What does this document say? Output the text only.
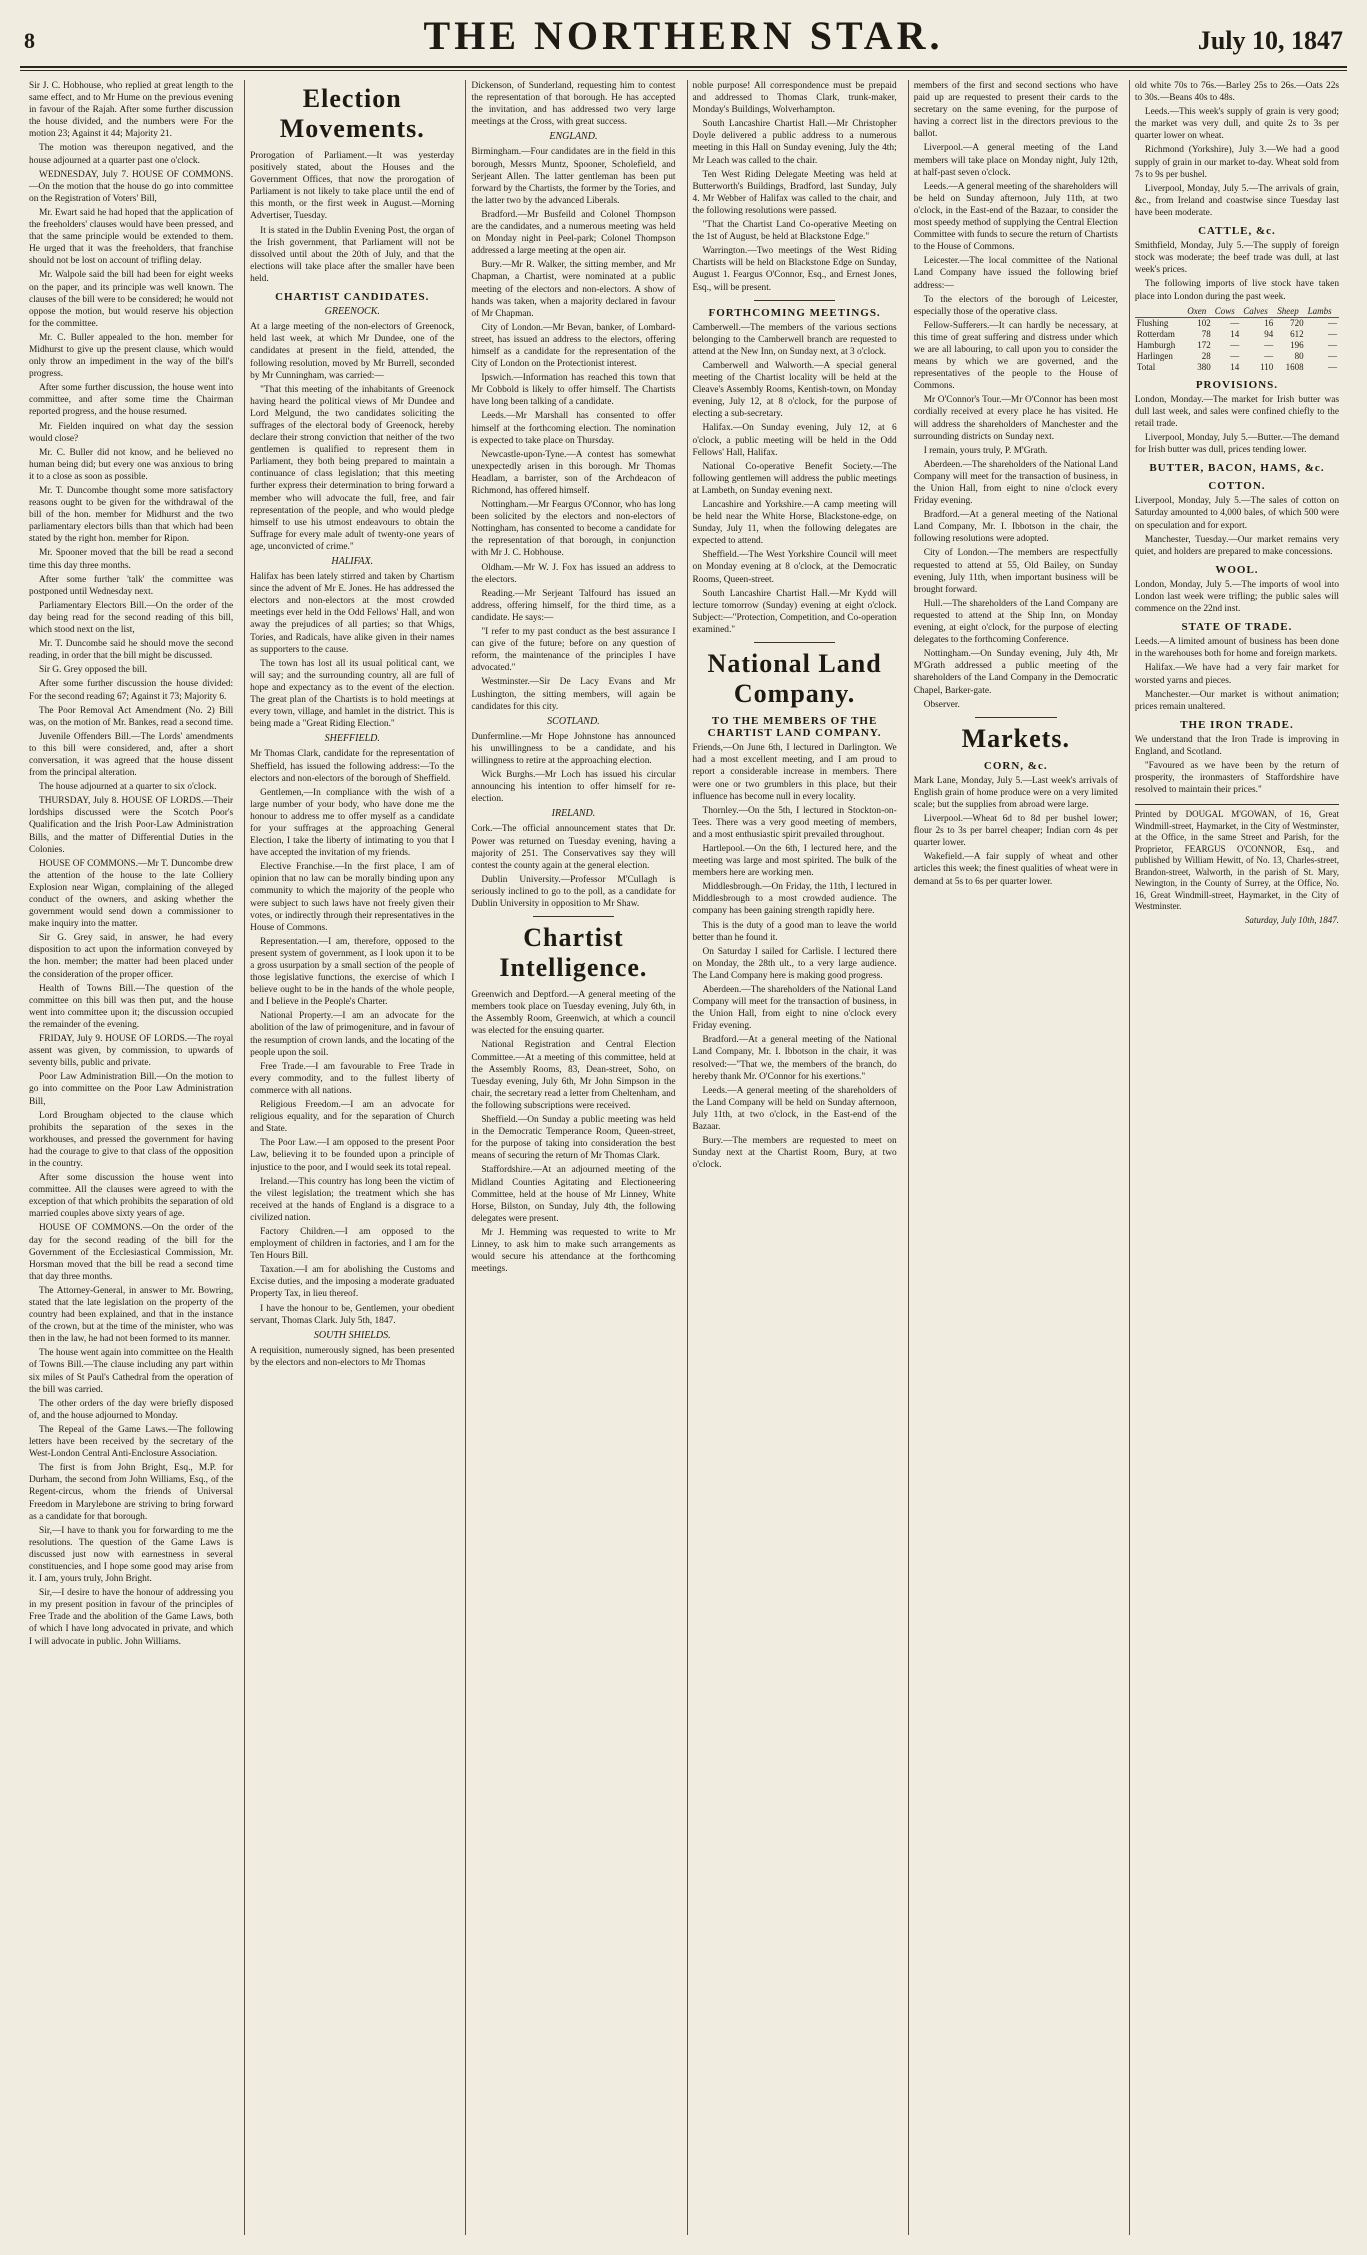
8	THE NORTHERN STAR.	July 10, 1847

Sir J. C. Hobhouse, who replied at great length to the same effect, and to Mr Hume on the previous evening in favour of the Rajah. After some further discussion the house divided, and the numbers were For the motion 23; Against it 44; Majority 21.

The motion was thereupon negatived, and the house adjourned at a quarter past one o'clock.

WEDNESDAY, July 7. HOUSE OF COMMONS.—On the motion that the house do go into committee on the Registration of Voters' Bill,

Mr. Ewart said he had hoped that the application of the freeholders' clauses would have been pressed, and that the same principle would be extended to them. He urged that it was the freeholders, that franchise should not be lost on account of trifling delay.

Mr. Walpole said the bill had been for eight weeks on the paper, and its principle was well known. The clauses of the bill were to be considered; he would not oppose the motion, but would reserve his objection for the committee.

Mr. C. Buller appealed to the hon. member for Midhurst to give up the present clause, which would only throw an impediment in the way of the bill's progress.

After some further discussion, the house went into committee, and after some time the Chairman reported progress, and the house resumed.

Mr. Fielden inquired on what day the session would close?

Mr. C. Buller did not know, and he believed no human being did; but every one was anxious to bring it to a close as soon as possible.

Mr. T. Duncombe thought some more satisfactory reasons ought to be given for the withdrawal of the bill of the hon. member for Midhurst and the two parliamentary electors bills than that which had been stated by the right hon. member for Ripon.

Mr. Spooner moved that the bill be read a second time this day three months.

After some further 'talk' the committee was postponed until Wednesday next.

Parliamentary Electors Bill.—On the order of the day being read for the second reading of this bill, which stood next on the list,

Mr. T. Duncombe said he should move the second reading, in order that the bill might be discussed.

Sir G. Grey opposed the bill.

After some further discussion the house divided: For the second reading 67; Against it 73; Majority 6.

The Poor Removal Act Amendment (No. 2) Bill was, on the motion of Mr. Bankes, read a second time.

Juvenile Offenders Bill.—The Lords' amendments to this bill were considered, and, after a short conversation, it was agreed that the house dissent from the principal alteration.

The house adjourned at a quarter to six o'clock.

THURSDAY, July 8. HOUSE OF LORDS.—Their lordships discussed were the Scotch Poor's Qualification and the Irish Poor-Law Administration Bills, and the matter of Differential Duties in the Colonies.

HOUSE OF COMMONS.—Mr T. Duncombe drew the attention of the house to the late Colliery Explosion near Wigan, complaining of the alleged conduct of the owners, and asking whether the government would send down a commissioner to make inquiry into the matter.

Sir G. Grey said, in answer, he had every disposition to act upon the information conveyed by the hon. member; the matter had been placed under the consideration of the proper officer.

Health of Towns Bill.—The question of the committee on this bill was then put, and the house went into committee upon it; the discussion occupied the remainder of the evening.

FRIDAY, July 9. HOUSE OF LORDS.—The royal assent was given, by commission, to upwards of seventy bills, public and private.

Poor Law Administration Bill.—On the motion to go into committee on the Poor Law Administration Bill,

Lord Brougham objected to the clause which prohibits the separation of the sexes in the workhouses, and pressed the government for having had the courage to give to that class of the opposition in the country.

After some discussion the house went into committee. All the clauses were agreed to with the exception of that which prohibits the separation of old married couples above sixty years of age.

HOUSE OF COMMONS.—On the order of the day for the second reading of the bill for the Government of the Ecclesiastical Commission, Mr. Horsman moved that the bill be read a second time that day three months.

The Attorney-General, in answer to Mr. Bowring, stated that the late legislation on the property of the country had been explained, and that in the instance of the crown, but at the time of the minister, who was then in the law, he had not been formed to its manner.

The house went again into committee on the Health of Towns Bill.—The clause including any part within six miles of St Paul's Cathedral from the operation of the bill was carried.

The other orders of the day were briefly disposed of, and the house adjourned to Monday.

The Repeal of the Game Laws.—The following letters have been received by the secretary of the West-London Central Anti-Enclosure Association.

The first is from John Bright, Esq., M.P. for Durham, the second from John Williams, Esq., of the Regent-circus, whom the friends of Universal Freedom in Marylebone are striving to bring forward as a candidate for that borough.

Sir,—I have to thank you for forwarding to me the resolutions. The question of the Game Laws is discussed just now with earnestness in several constituencies, and I hope some good may arise from it. I am, yours truly, John Bright.

Sir,—I desire to have the honour of addressing you in my present position in favour of the principles of Free Trade and the abolition of the Game Laws, both of which I have long advocated in private, and which I will advocate in public. John Williams.

Election Movements.

Prorogation of Parliament.—It was yesterday positively stated, about the Houses and the Government Offices, that now the prorogation of Parliament is not likely to take place until the end of this month, or the first week in August.—Morning Advertiser, Tuesday.

It is stated in the Dublin Evening Post, the organ of the Irish government, that Parliament will not be dissolved until about the 20th of July, and that the elections will take place after the smaller have been held.

CHARTIST CANDIDATES.
GREENOCK.

At a large meeting of the non-electors of Greenock, held last week, at which Mr Dundee, one of the candidates at present in the field, attended, the following resolution, moved by Mr Burrell, seconded by Mr Cunningham, was carried:—

"That this meeting of the inhabitants of Greenock having heard the political views of Mr Dundee and Lord Melgund, the two candidates soliciting the suffrages of the electoral body of Greenock, hereby declare their strong conviction that neither of the two gentlemen is qualified to represent them in Parliament, they both being prepared to maintain a continuance of class legislation; that this meeting further express their determination to bring forward a member who will advocate the full, free, and fair representation of the people, and who would pledge himself to use his utmost endeavours to obtain the Suffrage for every male adult of twenty-one years of age, unconvicted of crime."

HALIFAX.

Halifax has been lately stirred and taken by Chartism since the advent of Mr E. Jones. He has addressed the electors and non-electors at the most crowded meetings ever held in the Odd Fellows' Hall, and won away the prejudices of all parties; so that Whigs, Tories, and Radicals, have alike given in their names as supporters to the cause.

The town has lost all its usual political cant, we will say; and the surrounding country, all are full of hope and expectancy as to the event of the election. The great plan of the Chartists is to hold meetings at every town, village, and hamlet in the district. This is being made a "Great Riding Election."

SHEFFIELD.

Mr Thomas Clark, candidate for the representation of Sheffield, has issued the following address:—To the electors and non-electors of the borough of Sheffield.

Gentlemen,—In compliance with the wish of a large number of your body, who have done me the honour to address me to offer myself as a candidate for your suffrages at the approaching General Election, I take the liberty of intimating to you that I have accepted the invitation of my friends.

Elective Franchise.—In the first place, I am of opinion that no law can be morally binding upon any community to which the majority of the people who were subject to such laws have not freely given their votes, or indirectly through their representatives in the House of Commons.

Representation.—I am, therefore, opposed to the present system of government, as I look upon it to be a gross usurpation by a small section of the people of those legislative functions, the exercise of which I believe ought to be in the hands of the whole people, and I believe in the People's Charter.

National Property.—I am an advocate for the abolition of the law of primogeniture, and in favour of the resumption of crown lands, and the locating of the people upon the soil.

Free Trade.—I am favourable to Free Trade in every commodity, and to the fullest liberty of commerce with all nations.

Religious Freedom.—I am an advocate for religious equality, and for the separation of Church and State.

The Poor Law.—I am opposed to the present Poor Law, believing it to be founded upon a principle of injustice to the poor, and I would seek its total repeal.

Ireland.—This country has long been the victim of the vilest legislation; the treatment which she has received at the hands of England is a disgrace to a civilized nation.

Factory Children.—I am opposed to the employment of children in factories, and I am for the Ten Hours Bill.

Taxation.—I am for abolishing the Customs and Excise duties, and the imposing a moderate graduated Property Tax, in lieu thereof.

I have the honour to be, Gentlemen, your obedient servant, Thomas Clark. July 5th, 1847.

SOUTH SHIELDS.

A requisition, numerously signed, has been presented by the electors and non-electors to Mr Thomas

Dickenson, of Sunderland, requesting him to contest the representation of that borough. He has accepted the invitation, and has addressed two very large meetings at the Cross, with great success.

ENGLAND.

Birmingham.—Four candidates are in the field in this borough, Messrs Muntz, Spooner, Scholefield, and Serjeant Allen. The latter gentleman has been put forward by the Chartists, the former by the Tories, and the latter two by the advanced Liberals.

Bradford.—Mr Busfeild and Colonel Thompson are the candidates, and a numerous meeting was held on Monday night in Peel-park; Colonel Thompson addressed a large meeting at the open air.

Bury.—Mr R. Walker, the sitting member, and Mr Chapman, a Chartist, were nominated at a public meeting of the electors and non-electors. A show of hands was taken, when a majority declared in favour of Mr Chapman.

City of London.—Mr Bevan, banker, of Lombard-street, has issued an address to the electors, offering himself as a candidate for the representation of the City of London on the Protectionist interest.

Ipswich.—Information has reached this town that Mr Cobbold is likely to offer himself. The Chartists have long been talking of a candidate.

Leeds.—Mr Marshall has consented to offer himself at the forthcoming election. The nomination is expected to take place on Thursday.

Newcastle-upon-Tyne.—A contest has somewhat unexpectedly arisen in this borough. Mr Thomas Headlam, a barrister, son of the Archdeacon of Richmond, has offered himself.

Nottingham.—Mr Feargus O'Connor, who has long been solicited by the electors and non-electors of Nottingham, has consented to become a candidate for the representation of that borough, in conjunction with Mr J. C. Hobhouse.

Oldham.—Mr W. J. Fox has issued an address to the electors.

Reading.—Mr Serjeant Talfourd has issued an address, offering himself, for the third time, as a candidate. He says:—

"I refer to my past conduct as the best assurance I can give of the future; before on any question of reform, the maintenance of the principles I have advocated."

Westminster.—Sir De Lacy Evans and Mr Lushington, the sitting members, will again be candidates for this city.

SCOTLAND.

Dunfermline.—Mr Hope Johnstone has announced his unwillingness to be a candidate, and his willingness to retire at the approaching election.

Wick Burghs.—Mr Loch has issued his circular announcing his intention to offer himself for re-election.

IRELAND.

Cork.—The official announcement states that Dr. Power was returned on Tuesday evening, having a majority of 251. The Conservatives say they will contest the county again at the general election.

Dublin University.—Professor M'Cullagh is seriously inclined to go to the poll, as a candidate for Dublin University in opposition to Mr Shaw.

Chartist Intelligence.

Greenwich and Deptford.—A general meeting of the members took place on Tuesday evening, July 6th, in the Assembly Room, Greenwich, at which a council was elected for the ensuing quarter.

National Registration and Central Election Committee.—At a meeting of this committee, held at the Assembly Rooms, 83, Dean-street, Soho, on Tuesday evening, July 6th, Mr John Simpson in the chair, the secretary read a letter from Cheltenham, and the following subscriptions were received.

Sheffield.—On Sunday a public meeting was held in the Democratic Temperance Room, Queen-street, for the purpose of taking into consideration the best means of securing the return of Mr Thomas Clark.

Staffordshire.—At an adjourned meeting of the Midland Counties Agitating and Electioneering Committee, held at the house of Mr Linney, White Horse, Bilston, on Sunday, July 4th, the following delegates were present.

Mr J. Hemming was requested to write to Mr Linney, to ask him to make such arrangements as would secure his attendance at the forthcoming meetings.

noble purpose! All correspondence must be prepaid and addressed to Thomas Clark, trunk-maker, Monday's Buildings, Wolverhampton.

South Lancashire Chartist Hall.—Mr Christopher Doyle delivered a public address to a numerous meeting in this Hall on Sunday evening, July the 4th; Mr Leach was called to the chair.

Ten West Riding Delegate Meeting was held at Butterworth's Buildings, Bradford, last Sunday, July 4. Mr Webber of Halifax was called to the chair, and the following resolutions were passed.

"That the Chartist Land Co-operative Meeting on the 1st of August, be held at Blackstone Edge."

Warrington.—Two meetings of the West Riding Chartists will be held on Blackstone Edge on Sunday, August 1. Feargus O'Connor, Esq., and Ernest Jones, Esq., will be present.

FORTHCOMING MEETINGS.

Camberwell.—The members of the various sections belonging to the Camberwell branch are requested to attend at the New Inn, on Sunday next, at 3 o'clock.

Camberwell and Walworth.—A special general meeting of the Chartist locality will be held at the Cleave's Assembly Rooms, Kentish-town, on Monday evening, July 12, at 8 o'clock, for the purpose of electing a sub-secretary.

Halifax.—On Sunday evening, July 12, at 6 o'clock, a public meeting will be held in the Odd Fellows' Hall, Halifax.

National Co-operative Benefit Society.—The following gentlemen will address the public meetings at Lambeth, on Sunday evening next.

Lancashire and Yorkshire.—A camp meeting will be held near the White Horse, Blackstone-edge, on Sunday, July 11, when the following delegates are expected to attend.

Sheffield.—The West Yorkshire Council will meet on Monday evening at 8 o'clock, at the Democratic Rooms, Queen-street.

South Lancashire Chartist Hall.—Mr Kydd will lecture tomorrow (Sunday) evening at eight o'clock. Subject:—"Protection, Competition, and Co-operation examined."

National Land Company.
TO THE MEMBERS OF THE CHARTIST LAND COMPANY.

Friends,—On June 6th, I lectured in Darlington. We had a most excellent meeting, and I am proud to report a considerable increase in members. There were one or two grumblers in this place, but their influence has become null in every locality.

Thornley.—On the 5th, I lectured in Stockton-on-Tees. There was a very good meeting of members, and a most enthusiastic spirit prevailed throughout.

Hartlepool.—On the 6th, I lectured here, and the meeting was large and most spirited. The bulk of the members here are working men.

Middlesbrough.—On Friday, the 11th, I lectured in Middlesbrough to a most crowded audience. The company has been gaining strength rapidly here.

This is the duty of a good man to leave the world better than he found it.

On Saturday I sailed for Carlisle. I lectured there on Monday, the 28th ult., to a very large audience. The Land Company here is making good progress.

Aberdeen.—The shareholders of the National Land Company will meet for the transaction of business, in the Union Hall, from eight to nine o'clock every Friday evening.

Bradford.—At a general meeting of the National Land Company, Mr. I. Ibbotson in the chair, it was resolved:—"That we, the members of the branch, do hereby thank Mr. O'Connor for his exertions."

Leeds.—A general meeting of the shareholders of the Land Company will be held on Sunday afternoon, July 11th, at two o'clock, in the East-end of the Bazaar.

Bury.—The members are requested to meet on Sunday next at the Chartist Room, Bury, at two o'clock.

members of the first and second sections who have paid up are requested to present their cards to the secretary on the same evening, for the purpose of having a correct list in the directors previous to the ballot.

Liverpool.—A general meeting of the Land members will take place on Monday night, July 12th, at half-past seven o'clock.

Leeds.—A general meeting of the shareholders will be held on Sunday afternoon, July 11th, at two o'clock, in the East-end of the Bazaar, to consider the most speedy method of supplying the Central Election Committee with funds to secure the return of Chartists to the House of Commons.

Leicester.—The local committee of the National Land Company have issued the following brief address:—

To the electors of the borough of Leicester, especially those of the operative class.

Fellow-Sufferers.—It can hardly be necessary, at this time of great suffering and distress under which we are all labouring, to call upon you to consider the means by which we are governed, and the representatives of the people to the House of Commons.

Mr O'Connor's Tour.—Mr O'Connor has been most cordially received at every place he has visited. He will address the shareholders of Manchester and the surrounding districts on Sunday next.

I remain, yours truly, P. M'Grath.

Aberdeen.—The shareholders of the National Land Company will meet for the transaction of business, in the Union Hall, from eight to nine o'clock every Friday evening.

Bradford.—At a general meeting of the National Land Company, Mr. I. Ibbotson in the chair, the following resolutions were adopted.

City of London.—The members are respectfully requested to attend at 55, Old Bailey, on Sunday evening, July 11th, when important business will be brought forward.

Hull.—The shareholders of the Land Company are requested to attend at the Ship Inn, on Monday evening, at eight o'clock, for the purpose of electing delegates to the forthcoming Conference.

Nottingham.—On Sunday evening, July 4th, Mr M'Grath addressed a public meeting of the shareholders of the Land Company in the Democratic Chapel, Barker-gate.

Observer.

Markets.
CORN, &c.

Mark Lane, Monday, July 5.—Last week's arrivals of English grain of home produce were on a very limited scale; but the supplies from abroad were large.

Liverpool.—Wheat 6d to 8d per bushel lower; flour 2s to 3s per barrel cheaper; Indian corn 4s per quarter lower.

Wakefield.—A fair supply of wheat and other articles this week; the finest qualities of wheat were in demand at 5s to 6s per quarter lower.

old white 70s to 76s.—Barley 25s to 26s.—Oats 22s to 30s.—Beans 40s to 48s.

Leeds.—This week's supply of grain is very good; the market was very dull, and quite 2s to 3s per quarter lower on wheat.

Richmond (Yorkshire), July 3.—We had a good supply of grain in our market to-day. Wheat sold from 7s to 9s per bushel.

Liverpool, Monday, July 5.—The arrivals of grain, &c., from Ireland and coastwise since Tuesday last have been moderate.

CATTLE, &c.

Smithfield, Monday, July 5.—The supply of foreign stock was moderate; the beef trade was dull, at last week's prices.

The following imports of live stock have taken place into London during the past week.

	Oxen	Cows	Calves	Sheep	Lambs
Flushing	102	—	16	720	—
Rotterdam	78	14	94	612	—
Hamburgh	172	—	—	196	—
Harlingen	28	—	—	80	—
Total	380	14	110	1608	—
PROVISIONS.

London, Monday.—The market for Irish butter was dull last week, and sales were confined chiefly to the retail trade.

Liverpool, Monday, July 5.—Butter.—The demand for Irish butter was dull, prices tending lower.

BUTTER, BACON, HAMS, &c.
COTTON.

Liverpool, Monday, July 5.—The sales of cotton on Saturday amounted to 4,000 bales, of which 500 were on speculation and for export.

Manchester, Tuesday.—Our market remains very quiet, and holders are prepared to make concessions.

WOOL.

London, Monday, July 5.—The imports of wool into London last week were trifling; the public sales will commence on the 22nd inst.

STATE OF TRADE.

Leeds.—A limited amount of business has been done in the warehouses both for home and foreign markets.

Halifax.—We have had a very fair market for worsted yarns and pieces.

Manchester.—Our market is without animation; prices remain unaltered.

THE IRON TRADE.

We understand that the Iron Trade is improving in England, and Scotland.

"Favoured as we have been by the return of prosperity, the ironmasters of Staffordshire have resolved to maintain their prices."

Printed by DOUGAL M'GOWAN, of 16, Great Windmill-street, Haymarket, in the City of Westminster, at the Office, in the same Street and Parish, for the Proprietor, FEARGUS O'CONNOR, Esq., and published by William Hewitt, of No. 13, Charles-street, Brandon-street, Walworth, in the parish of St. Mary, Newington, in the County of Surrey, at the Office, No. 16, Great Windmill-street, Haymarket, in the City of Westminster.
Saturday, July 10th, 1847.
